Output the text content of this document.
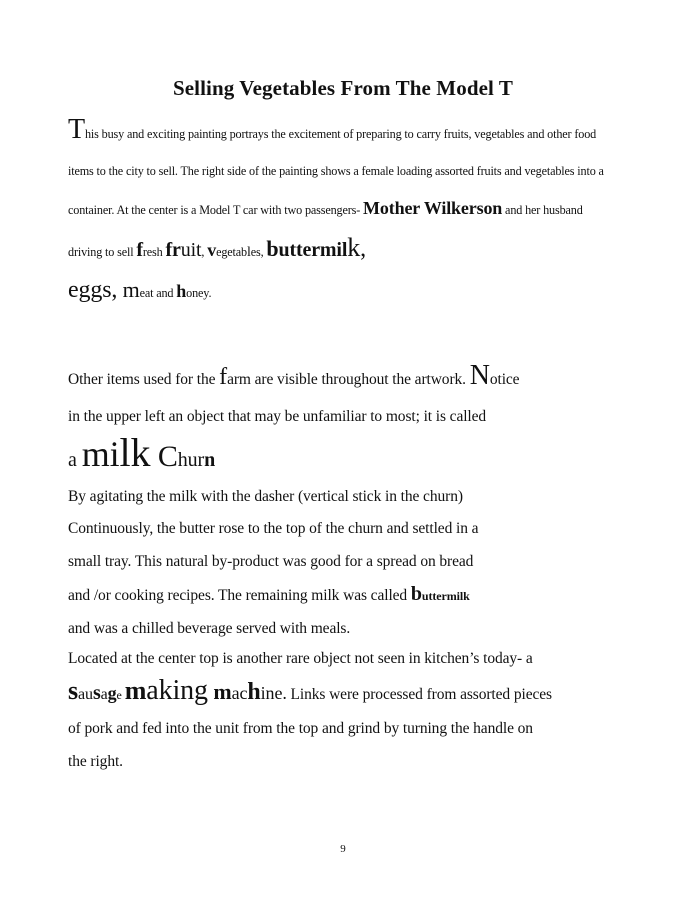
Selling Vegetables From The Model T

This busy and exciting painting portrays the excitement of preparing to carry fruits, vegetables and other food items to the city to sell. The right side of the painting shows a female loading assorted fruits and vegetables into a container. At the center is a Model T car with two passengers- Mother Wilkerson and her husband driving to sell fresh fruit, vegetables, buttermilk,
eggs, meat and honey.

Other items used for the farm are visible throughout the artwork. Notice
in the upper left an object that may be unfamiliar to most; it is called
a milk Churn
By agitating the milk with the dasher (vertical stick in the churn)
Continuously, the butter rose to the top of the churn and settled in a
small tray. This natural by-product was good for a spread on bread
and /or cooking recipes. The remaining milk was called buttermilk
and was a chilled beverage served with meals.
Located at the center top is another rare object not seen in kitchen’s today- a
sausage making machine. Links were processed from assorted pieces
of pork and fed into the unit from the top and grind by turning the handle on
the right.
9
